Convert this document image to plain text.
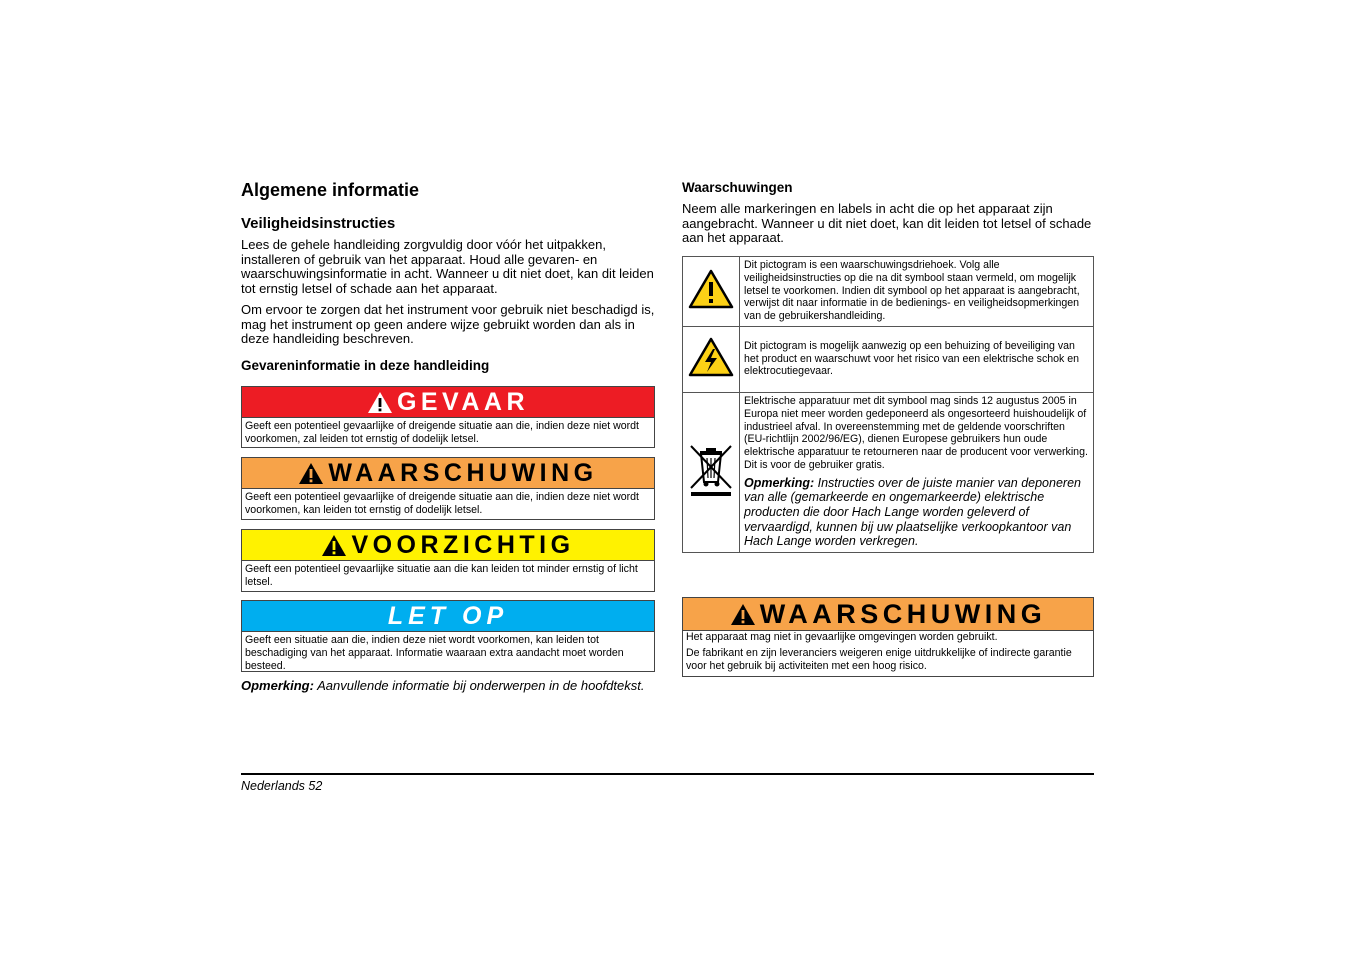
Algemene informatie
Veiligheidsinstructies

Lees de gehele handleiding zorgvuldig door vóór het uitpakken, installeren of gebruik van het apparaat. Houd alle gevaren- en waarschuwingsinformatie in acht. Wanneer u dit niet doet, kan dit leiden tot ernstig letsel of schade aan het apparaat.

Om ervoor te zorgen dat het instrument voor gebruik niet beschadigd is, mag het instrument op geen andere wijze gebruikt worden dan als in deze handleiding beschreven.

Gevareninformatie in deze handleiding
GEVAAR
Geeft een potentieel gevaarlijke of dreigende situatie aan die, indien deze niet wordt voorkomen, zal leiden tot ernstig of dodelijk letsel.
WAARSCHUWING
Geeft een potentieel gevaarlijke of dreigende situatie aan die, indien deze niet wordt voorkomen, kan leiden tot ernstig of dodelijk letsel.
VOORZICHTIG
Geeft een potentieel gevaarlijke situatie aan die kan leiden tot minder ernstig of licht letsel.
LET OP
Geeft een situatie aan die, indien deze niet wordt voorkomen, kan leiden tot beschadiging van het apparaat. Informatie waaraan extra aandacht moet worden besteed.

Opmerking: Aanvullende informatie bij onderwerpen in de hoofdtekst.

Waarschuwingen

Neem alle markeringen en labels in acht die op het apparaat zijn aangebracht. Wanneer u dit niet doet, kan dit leiden tot letsel of schade aan het apparaat.

	Dit pictogram is een waarschuwingsdriehoek. Volg alle veiligheidsinstructies op die na dit symbool staan vermeld, om mogelijk letsel te voorkomen. Indien dit symbool op het apparaat is aangebracht, verwijst dit naar informatie in de bedienings- en veiligheidsopmerkingen van de gebruikershandleiding.
	Dit pictogram is mogelijk aanwezig op een behuizing of beveiliging van het product en waarschuwt voor het risico van een elektrische schok en elektrocutiegevaar.

Elektrische apparatuur met dit symbool mag sinds 12 augustus 2005 in Europa niet meer worden gedeponeerd als ongesorteerd huishoudelijk of industrieel afval. In overeenstemming met de geldende voorschriften
(EU-richtlijn 2002/96/EG), dienen Europese gebruikers hun oude elektrische apparatuur te retourneren naar de producent voor verwerking. Dit is voor de gebruiker gratis.
Opmerking: Instructies over de juiste manier van deponeren van alle (gemarkeerde en ongemarkeerde) elektrische producten die door Hach Lange worden geleverd of vervaardigd, kunnen bij uw plaatselijke verkoopkantoor van Hach Lange worden verkregen.
WAARSCHUWING
Het apparaat mag niet in gevaarlijke omgevingen worden gebruikt.
De fabrikant en zijn leveranciers weigeren enige uitdrukkelijke of indirecte garantie voor het gebruik bij activiteiten met een hoog risico.
Nederlands 52
